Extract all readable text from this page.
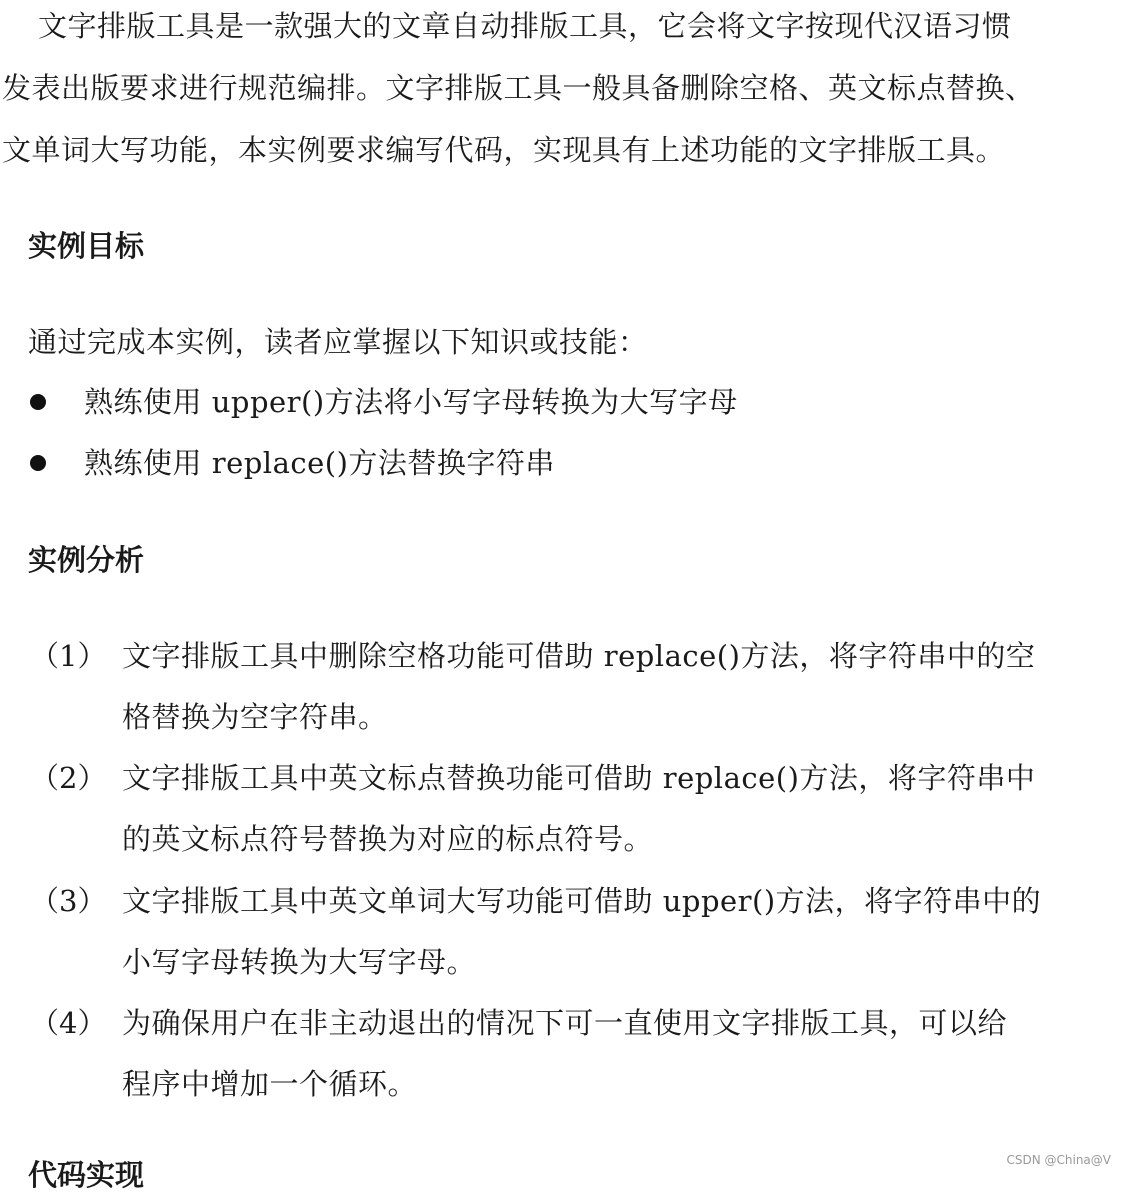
文字排版工具是一款强大的文章自动排版工具，它会将文字按现代汉语习惯
发表出版要求进行规范编排。文字排版工具一般具备删除空格、英文标点替换、
文单词大写功能，本实例要求编写代码，实现具有上述功能的文字排版工具。
实例目标
通过完成本实例，读者应掌握以下知识或技能：
熟练使用 upper()方法将小写字母转换为大写字母
熟练使用 replace()方法替换字符串
实例分析
（1） 文字排版工具中删除空格功能可借助 replace()方法，将字符串中的空
格替换为空字符串。
（2） 文字排版工具中英文标点替换功能可借助 replace()方法，将字符串中
的英文标点符号替换为对应的标点符号。
（3） 文字排版工具中英文单词大写功能可借助 upper()方法，将字符串中的
小写字母转换为大写字母。
（4） 为确保用户在非主动退出的情况下可一直使用文字排版工具，可以给
程序中增加一个循环。
代码实现	CSDN @China@V
